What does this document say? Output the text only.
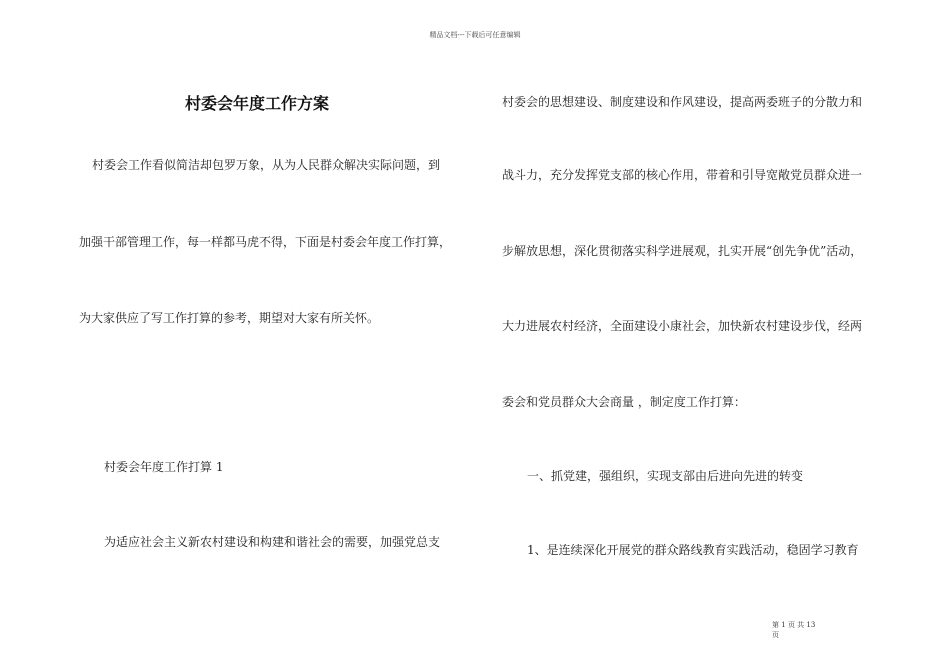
精品文档---下载后可任意编辑
村委会年度工作方案
村委会工作看似简洁却包罗万象，从为人民群众解决实际问题，到
加强干部管理工作，每一样都马虎不得，下面是村委会年度工作打算，
为大家供应了写工作打算的参考，期望对大家有所关怀。
村委会年度工作打算 1
为适应社会主义新农村建设和构建和谐社会的需要，加强党总支
村委会的思想建设、制度建设和作风建设，提高两委班子的分散力和
战斗力，充分发挥党支部的核心作用，带着和引导宽敞党员群众进一
步解放思想，深化贯彻落实科学进展观，扎实开展“创先争优”活动，
大力进展农村经济，全面建设小康社会，加快新农村建设步伐，经两
委会和党员群众大会商量 ，制定度工作打算：
一、抓党建，强组织，实现支部由后进向先进的转变
1、是连续深化开展党的群众路线教育实践活动，稳固学习教育
第 1 页 共 13
页
